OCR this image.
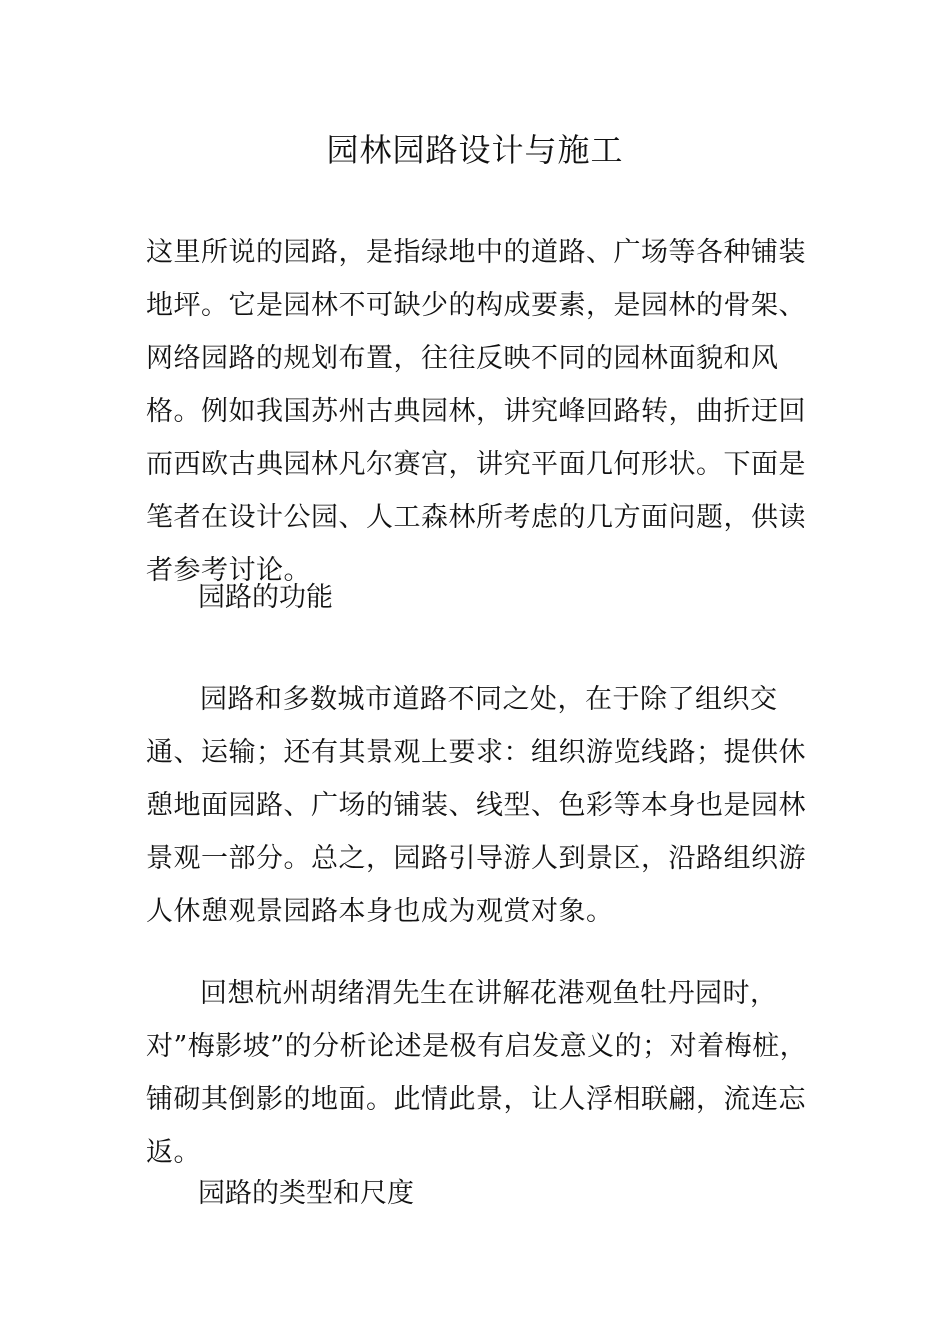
园林园路设计与施工
这里所说的园路，是指绿地中的道路、广场等各种铺装地坪。它是园林不可缺少的构成要素，是园林的骨架、网络园路的规划布置，往往反映不同的园林面貌和风格。例如我国苏州古典园林，讲究峰回路转，曲折迂回而西欧古典园林凡尔赛宫，讲究平面几何形状。下面是笔者在设计公园、人工森林所考虑的几方面问题，供读者参考讨论。
园路的功能
园路和多数城市道路不同之处，在于除了组织交通、运输；还有其景观上要求：组织游览线路；提供休憩地面园路、广场的铺装、线型、色彩等本身也是园林景观一部分。总之，园路引导游人到景区，沿路组织游人休憩观景园路本身也成为观赏对象。
回想杭州胡绪渭先生在讲解花港观鱼牡丹园时，对”梅影坡”的分析论述是极有启发意义的；对着梅桩，铺砌其倒影的地面。此情此景，让人浮相联翩，流连忘返。
园路的类型和尺度
